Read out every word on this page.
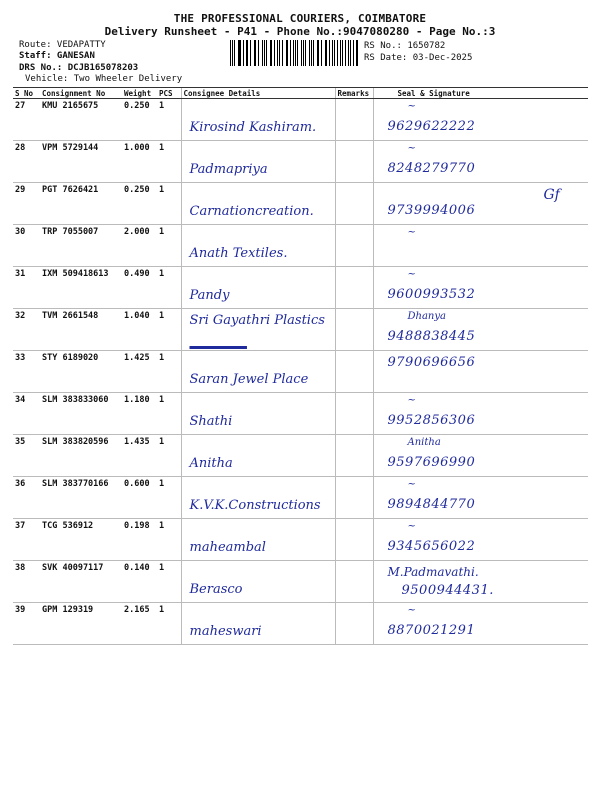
THE PROFESSIONAL COURIERS, COIMBATORE
Delivery Runsheet - P41 - Phone No.:9047080280 - Page No.:3
Route: VEDAPATTY
Staff: GANESAN
DRS No.: DCJB165078203
Vehicle: Two Wheeler Delivery
RS No.: 1650782
RS Date: 03-Dec-2025
S No	Consignment No	Weight	PCS	Consignee Details	Remarks	Seal & Signature
27	KMU 2165675	0.250	1	Kirosind Kashiram.		~
9629622222

28	VPM 5729144	1.000	1	Padmapriya		~
8248279770

29	PGT 7626421	0.250	1	Carnationcreation.		Gf
9739994006

30	TRP 7055007	2.000	1	Anath Textiles.		~

31	IXM 509418613	0.490	1	Pandy		~
9600993532

32	TVM 2661548	1.040	1	Sri Gayathri Plastics		Dhanya
9488838445

33	STY 6189020	1.425	1	Saran Jewel Place		9790696656

34	SLM 383833060	1.180	1	Shathi		~
9952856306

35	SLM 383820596	1.435	1	Anitha		Anitha
9597696990

36	SLM 383770166	0.600	1	K.V.K.Constructions		~
9894844770

37	TCG 536912	0.198	1	maheambal		~
9345656022

38	SVK 40097117	0.140	1	Berasco		M.Padmavathi.
9500944431.

39	GPM 129319	2.165	1	maheswari		~
8870021291
